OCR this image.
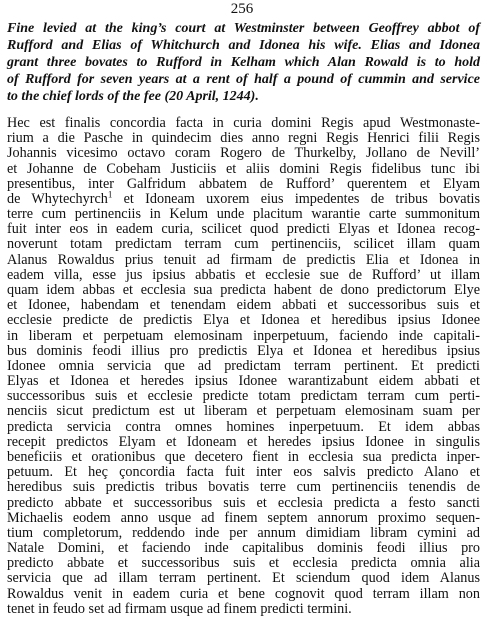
256
Fine levied at the king’s court at Westminster between Geoffrey abbot of
Rufford and Elias of Whitchurch and Idonea his wife. Elias and Idonea
grant three bovates to Rufford in Kelham which Alan Rowald is to hold
of Rufford for seven years at a rent of half a pound of cummin and service
to the chief lords of the fee (20 April, 1244).
Hec est finalis concordia facta in curia domini Regis apud Westmonaste-
rium a die Pasche in quindecim dies anno regni Regis Henrici filii Regis
Johannis vicesimo octavo coram Rogero de Thurkelby, Jollano de Nevill’
et Johanne de Cobeham Justiciis et aliis domini Regis fidelibus tunc ibi
presentibus, inter Galfridum abbatem de Rufford’ querentem et Elyam
de Whytechyrch$^1$ et Idoneam uxorem eius impedentes de tribus bovatis
terre cum pertinenciis in Kelum unde placitum warantie carte summonitum
fuit inter eos in eadem curia, scilicet quod predicti Elyas et Idonea recog-
noverunt totam predictam terram cum pertinenciis, scilicet illam quam
Alanus Rowaldus prius tenuit ad firmam de predictis Elia et Idonea in
eadem villa, esse jus ipsius abbatis et ecclesie sue de Rufford’ ut illam
quam idem abbas et ecclesia sua predicta habent de dono predictorum Elye
et Idonee, habendam et tenendam eidem abbati et successoribus suis et
ecclesie predicte de predictis Elya et Idonea et heredibus ipsius Idonee
in liberam et perpetuam elemosinam inperpetuum, faciendo inde capitali-
bus dominis feodi illius pro predictis Elya et Idonea et heredibus ipsius
Idonee omnia servicia que ad predictam terram pertinent. Et predicti
Elyas et Idonea et heredes ipsius Idonee warantizabunt eidem abbati et
successoribus suis et ecclesie predicte totam predictam terram cum perti-
nenciis sicut predictum est ut liberam et perpetuam elemosinam suam per
predicta servicia contra omnes homines inperpetuum. Et idem abbas
recepit predictos Elyam et Idoneam et heredes ipsius Idonee in singulis
beneficiis et orationibus que decetero fient in ecclesia sua predicta inper-
petuum. Et heç çoncordia facta fuit inter eos salvis predicto Alano et
heredibus suis predictis tribus bovatis terre cum pertinenciis tenendis de
predicto abbate et successoribus suis et ecclesia predicta a festo sancti
Michaelis eodem anno usque ad finem septem annorum proximo sequen-
tium completorum, reddendo inde per annum dimidiam libram cymini ad
Natale Domini, et faciendo inde capitalibus dominis feodi illius pro
predicto abbate et successoribus suis et ecclesia predicta omnia alia
servicia que ad illam terram pertinent. Et sciendum quod idem Alanus
Rowaldus venit in eadem curia et bene cognovit quod terram illam non
tenet in feudo set ad firmam usque ad finem predicti termini.
